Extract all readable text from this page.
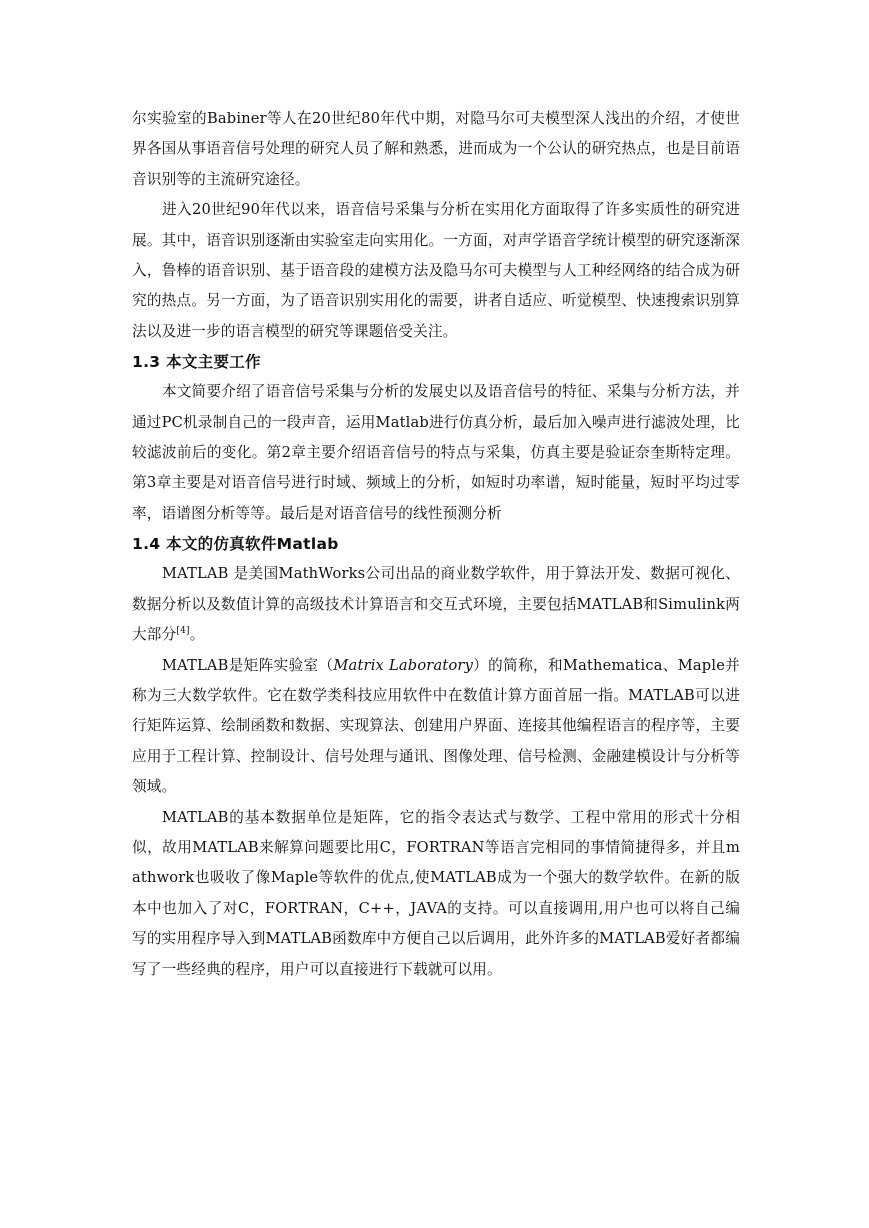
尔实验室的Babiner等人在20世纪80年代中期，对隐马尔可夫模型深人浅出的介绍，才使世界各国从事语音信号处理的研究人员了解和熟悉，进而成为一个公认的研究热点，也是目前语音识别等的主流研究途径。

进入20世纪90年代以来，语音信号采集与分析在实用化方面取得了许多实质性的研究进展。其中，语音识别逐渐由实验室走向实用化。一方面，对声学语音学统计模型的研究逐渐深入，鲁棒的语音识别、基于语音段的建模方法及隐马尔可夫模型与人工种经网络的结合成为研究的热点。另一方面，为了语音识别实用化的需要，讲者自适应、听觉模型、快速搜索识别算法以及进一步的语言模型的研究等课题倍受关注。

1.3 本文主要工作

本文简要介绍了语音信号采集与分析的发展史以及语音信号的特征、采集与分析方法，并通过PC机录制自己的一段声音，运用Matlab进行仿真分析，最后加入噪声进行滤波处理，比较滤波前后的变化。第2章主要介绍语音信号的特点与采集，仿真主要是验证奈奎斯特定理。第3章主要是对语音信号进行时域、频域上的分析，如短时功率谱，短时能量，短时平均过零率，语谱图分析等等。最后是对语音信号的线性预测分析

1.4 本文的仿真软件Matlab

MATLAB 是美国MathWorks公司出品的商业数学软件，用于算法开发、数据可视化、数据分析以及数值计算的高级技术计算语言和交互式环境，主要包括MATLAB和Simulink两大部分[4]。

MATLAB是矩阵实验室（Matrix Laboratory）的简称，和Mathematica、Maple并称为三大数学软件。它在数学类科技应用软件中在数值计算方面首屈一指。MATLAB可以进行矩阵运算、绘制函数和数据、实现算法、创建用户界面、连接其他编程语言的程序等，主要应用于工程计算、控制设计、信号处理与通讯、图像处理、信号检测、金融建模设计与分析等领域。

MATLAB的基本数据单位是矩阵，它的指令表达式与数学、工程中常用的形式十分相似，故用MATLAB来解算问题要比用C，FORTRAN等语言完相同的事情简捷得多，并且mathwork也吸收了像Maple等软件的优点,使MATLAB成为一个强大的数学软件。在新的版本中也加入了对C，FORTRAN，C++，JAVA的支持。可以直接调用,用户也可以将自己编写的实用程序导入到MATLAB函数库中方便自己以后调用，此外许多的MATLAB爱好者都编写了一些经典的程序，用户可以直接进行下载就可以用。
